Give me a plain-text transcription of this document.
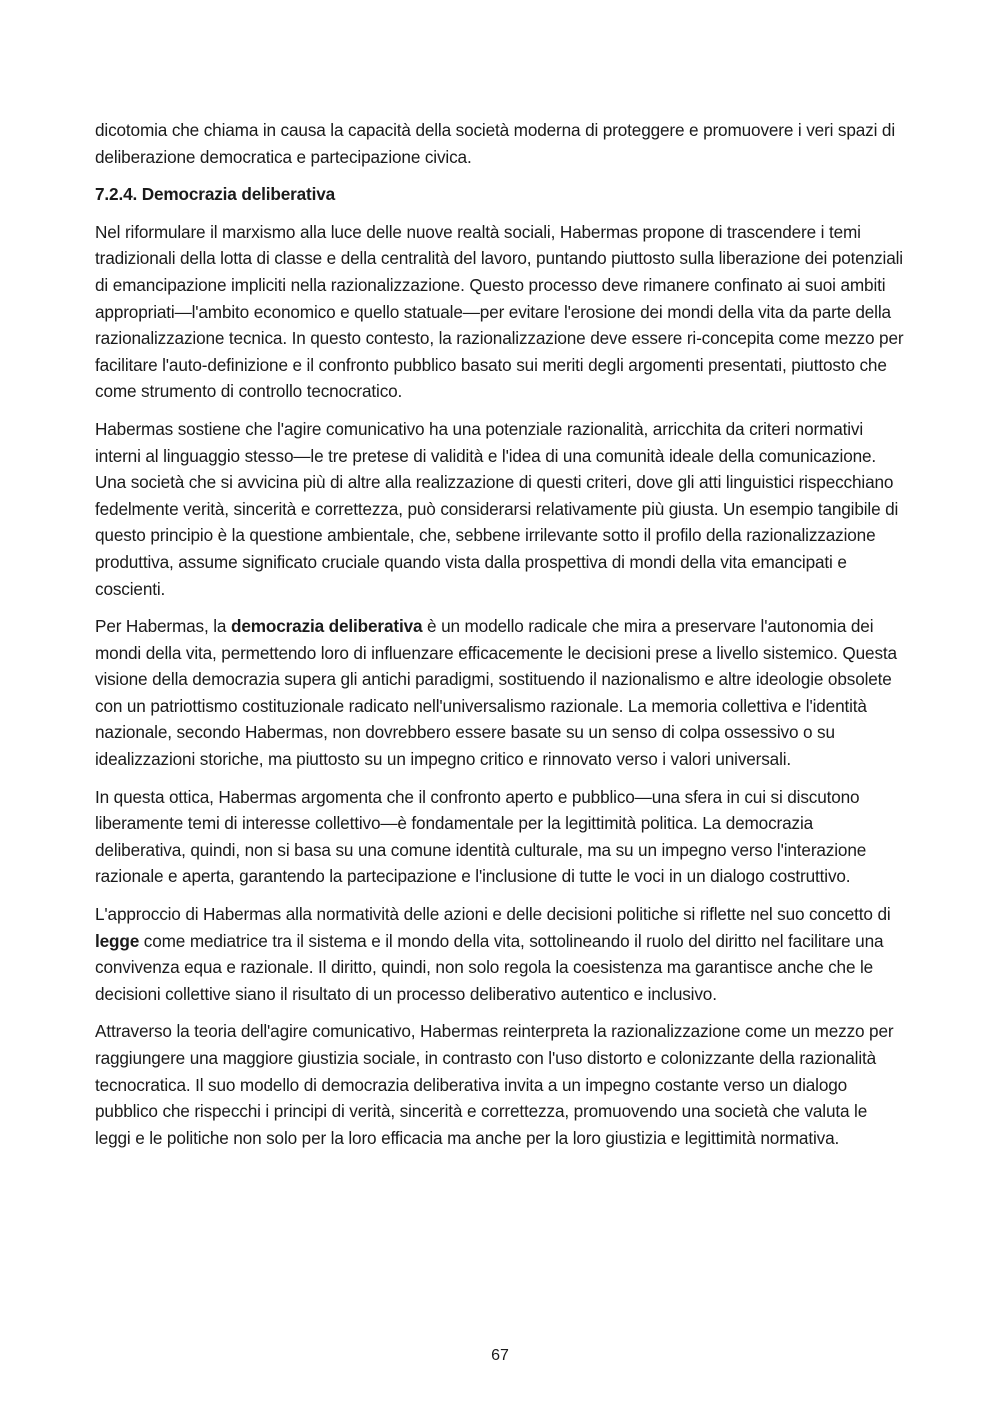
dicotomia che chiama in causa la capacità della società moderna di proteggere e promuovere i veri spazi di deliberazione democratica e partecipazione civica.

7.2.4. Democrazia deliberativa

Nel riformulare il marxismo alla luce delle nuove realtà sociali, Habermas propone di trascendere i temi tradizionali della lotta di classe e della centralità del lavoro, puntando piuttosto sulla liberazione dei potenziali di emancipazione impliciti nella razionalizzazione. Questo processo deve rimanere confinato ai suoi ambiti appropriati—l'ambito economico e quello statuale—per evitare l'erosione dei mondi della vita da parte della razionalizzazione tecnica. In questo contesto, la razionalizzazione deve essere ri-concepita come mezzo per facilitare l'auto-definizione e il confronto pubblico basato sui meriti degli argomenti presentati, piuttosto che come strumento di controllo tecnocratico.

Habermas sostiene che l'agire comunicativo ha una potenziale razionalità, arricchita da criteri normativi interni al linguaggio stesso—le tre pretese di validità e l'idea di una comunità ideale della comunicazione. Una società che si avvicina più di altre alla realizzazione di questi criteri, dove gli atti linguistici rispecchiano fedelmente verità, sincerità e correttezza, può considerarsi relativamente più giusta. Un esempio tangibile di questo principio è la questione ambientale, che, sebbene irrilevante sotto il profilo della razionalizzazione produttiva, assume significato cruciale quando vista dalla prospettiva di mondi della vita emancipati e coscienti.

Per Habermas, la democrazia deliberativa è un modello radicale che mira a preservare l'autonomia dei mondi della vita, permettendo loro di influenzare efficacemente le decisioni prese a livello sistemico. Questa visione della democrazia supera gli antichi paradigmi, sostituendo il nazionalismo e altre ideologie obsolete con un patriottismo costituzionale radicato nell'universalismo razionale. La memoria collettiva e l'identità nazionale, secondo Habermas, non dovrebbero essere basate su un senso di colpa ossessivo o su idealizzazioni storiche, ma piuttosto su un impegno critico e rinnovato verso i valori universali.

In questa ottica, Habermas argomenta che il confronto aperto e pubblico—una sfera in cui si discutono liberamente temi di interesse collettivo—è fondamentale per la legittimità politica. La democrazia deliberativa, quindi, non si basa su una comune identità culturale, ma su un impegno verso l'interazione razionale e aperta, garantendo la partecipazione e l'inclusione di tutte le voci in un dialogo costruttivo.

L'approccio di Habermas alla normatività delle azioni e delle decisioni politiche si riflette nel suo concetto di legge come mediatrice tra il sistema e il mondo della vita, sottolineando il ruolo del diritto nel facilitare una convivenza equa e razionale. Il diritto, quindi, non solo regola la coesistenza ma garantisce anche che le decisioni collettive siano il risultato di un processo deliberativo autentico e inclusivo.

Attraverso la teoria dell'agire comunicativo, Habermas reinterpreta la razionalizzazione come un mezzo per raggiungere una maggiore giustizia sociale, in contrasto con l'uso distorto e colonizzante della razionalità tecnocratica. Il suo modello di democrazia deliberativa invita a un impegno costante verso un dialogo pubblico che rispecchi i principi di verità, sincerità e correttezza, promuovendo una società che valuta le leggi e le politiche non solo per la loro efficacia ma anche per la loro giustizia e legittimità normativa.

67
